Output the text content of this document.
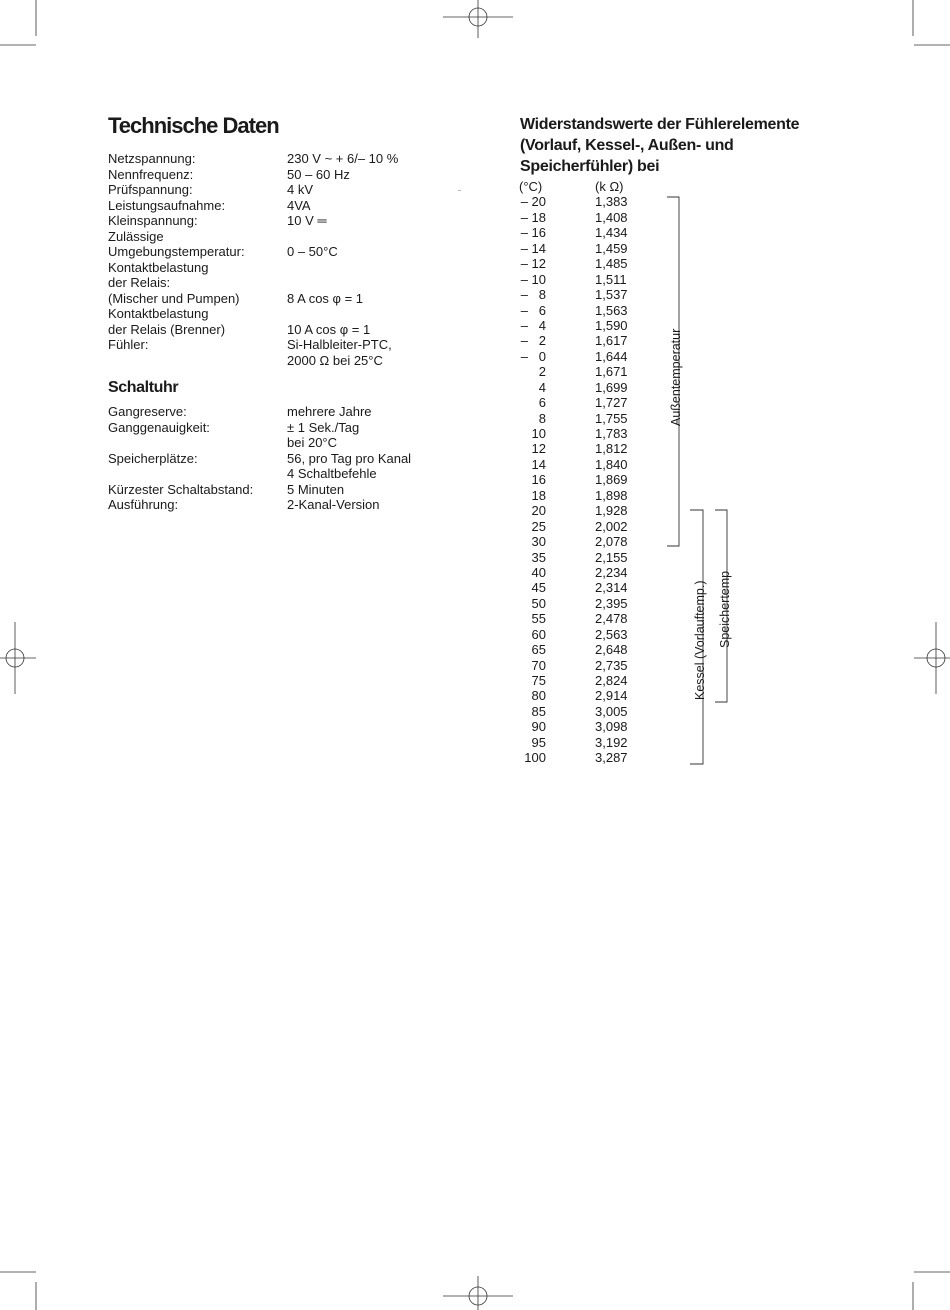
Technische Daten
Netzspannung:	230 V ~ + 6/– 10 %
Nennfrequenz:	50 – 60 Hz
Prüfspannung:	4 kV
Leistungsaufnahme:	4VA
Kleinspannung:	10 V ═
Zulässige
Umgebungstemperatur:	0 – 50°C
Kontaktbelastung
der Relais:
(Mischer und Pumpen)	8 A cos φ = 1
Kontaktbelastung
der Relais (Brenner)	10 A cos φ = 1
Fühler:	Si-Halbleiter-PTC,
2000 Ω bei 25°C
Schaltuhr
Gangreserve:	mehrere Jahre
Ganggenauigkeit:	± 1 Sek./Tag
bei 20°C
Speicherplätze:	56, pro Tag pro Kanal
4 Schaltbefehle
Kürzester Schaltabstand:	5 Minuten
Ausführung:	2-Kanal-Version
Widerstandswerte der Fühlerelemente
(Vorlauf, Kessel-, Außen- und
Speicherfühler) bei
(°C)	(k Ω)
– 20	1,383
– 18	1,408
– 16	1,434
– 14	1,459
– 12	1,485
– 10	1,511
–   8	1,537
–   6	1,563
–   4	1,590
–   2	1,617
–   0	1,644
2	1,671
4	1,699
6	1,727
8	1,755
10	1,783
12	1,812
14	1,840
16	1,869
18	1,898
20	1,928
25	2,002
30	2,078
35	2,155
40	2,234
45	2,314
50	2,395
55	2,478
60	2,563
65	2,648
70	2,735
75	2,824
80	2,914
85	3,005
90	3,098
95	3,192
100	3,287
Außentemperatur
Kessel (Vorlauftemp.) Speichertemp
